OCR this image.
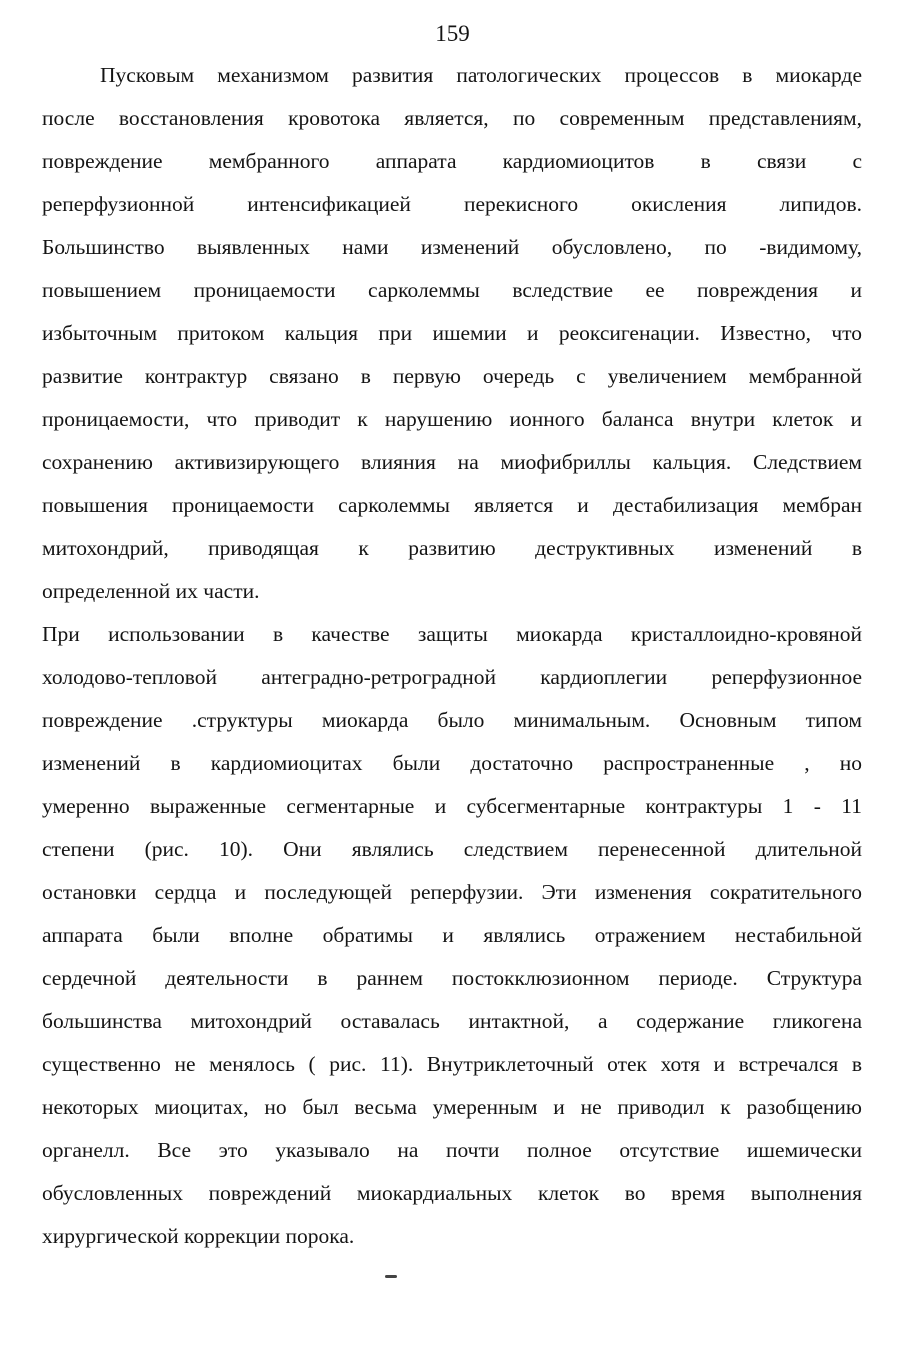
159
Пусковым механизмом развития патологических процессов в миокарде
после восстановления кровотока является, по современным представлениям,
повреждение мембранного аппарата кардиомиоцитов в связи с
реперфузионной интенсификацией перекисного окисления липидов.
Большинство выявленных нами изменений обусловлено, по -видимому,
повышением проницаемости сарколеммы вследствие ее повреждения и
избыточным притоком кальция при ишемии и реоксигенации. Известно, что
развитие контрактур связано в первую очередь с увеличением мембранной
проницаемости, что приводит к нарушению ионного баланса внутри клеток и
сохранению активизирующего влияния на миофибриллы кальция. Следствием
повышения проницаемости сарколеммы является и дестабилизация мембран
митохондрий, приводящая к развитию деструктивных изменений в
определенной их части.
При использовании в качестве защиты миокарда кристаллоидно-кровяной
холодово-тепловой антеградно-ретроградной кардиоплегии реперфузионное
повреждение .структуры миокарда было минимальным. Основным типом
изменений в кардиомиоцитах были достаточно распространенные , но
умеренно выраженные сегментарные и субсегментарные контрактуры 1 - 11
степени (рис. 10). Они являлись следствием перенесенной длительной
остановки сердца и последующей реперфузии. Эти изменения сократительного
аппарата были вполне обратимы и являлись отражением нестабильной
сердечной деятельности в раннем постокклюзионном периоде. Структура
большинства митохондрий оставалась интактной, а содержание гликогена
существенно не менялось ( рис. 11). Внутриклеточный отек хотя и встречался в
некоторых миоцитах, но был весьма умеренным и не приводил к разобщению
органелл. Все это указывало на почти полное отсутствие ишемически
обусловленных повреждений миокардиальных клеток во время выполнения
хирургической коррекции порока.
